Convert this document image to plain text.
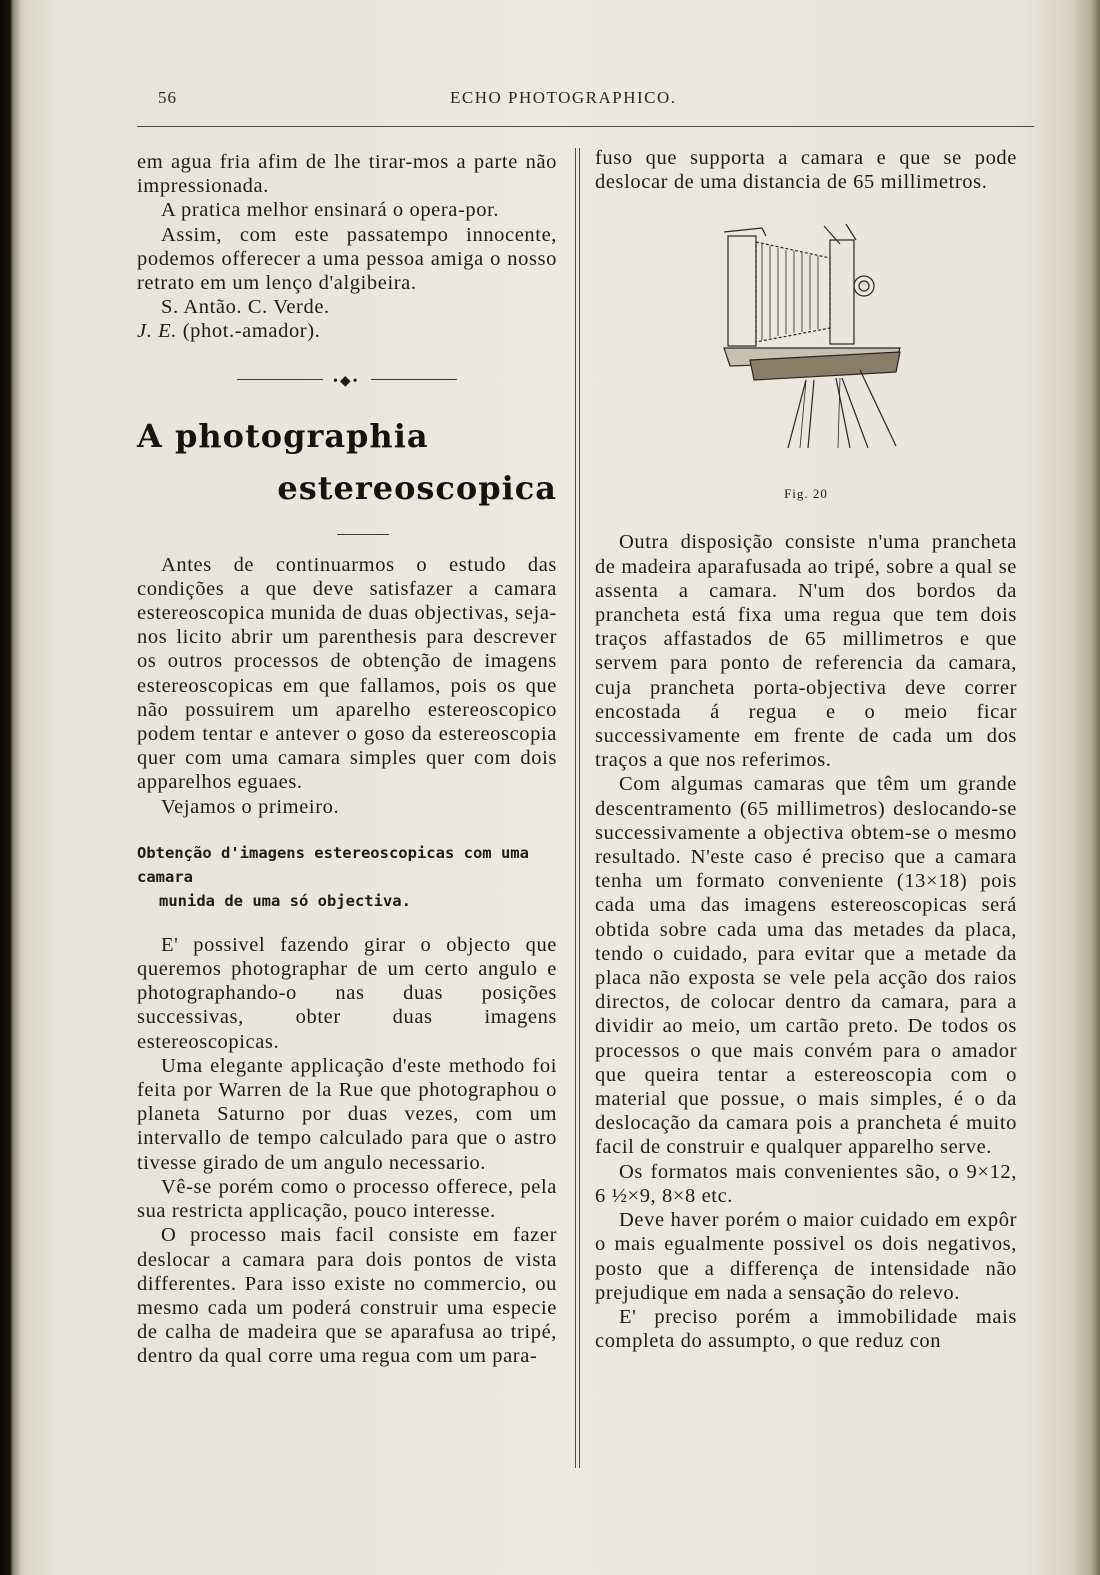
56	ECHO PHOTOGRAPHICO.

em agua fria afim de lhe tirar-mos a parte não impressionada.

A pratica melhor ensinará o opera-por.

Assim, com este passatempo innocente, podemos offerecer a uma pessoa amiga o nosso retrato em um lenço d'algibeira.

S. Antão. C. Verde.

J. E. (phot.-amador).

•◆•
A photographia
estereoscopica

Antes de continuarmos o estudo das condições a que deve satisfazer a camara estereoscopica munida de duas objectivas, seja-nos licito abrir um parenthesis para descrever os outros processos de obtenção de imagens estereoscopicas em que fallamos, pois os que não possuirem um aparelho estereoscopico podem tentar e antever o goso da estereoscopia quer com uma camara simples quer com dois apparelhos eguaes.

Vejamos o primeiro.

Obtenção d'imagens estereoscopicas com uma camara
munida de uma só objectiva.

E' possivel fazendo girar o objecto que queremos photographar de um certo angulo e photographando-o nas duas posições successivas, obter duas imagens estereoscopicas.

Uma elegante applicação d'este methodo foi feita por Warren de la Rue que photographou o planeta Saturno por duas vezes, com um intervallo de tempo calculado para que o astro tivesse girado de um angulo necessario.

Vê-se porém como o processo offerece, pela sua restricta applicação, pouco interesse.

O processo mais facil consiste em fazer deslocar a camara para dois pontos de vista differentes. Para isso existe no commercio, ou mesmo cada um poderá construir uma especie de calha de madeira que se aparafusa ao tripé, dentro da qual corre uma regua com um para-

fuso que supporta a camara e que se pode deslocar de uma distancia de 65 millimetros.

Fig. 20

Outra disposição consiste n'uma prancheta de madeira aparafusada ao tripé, sobre a qual se assenta a camara. N'um dos bordos da prancheta está fixa uma regua que tem dois traços affastados de 65 millimetros e que servem para ponto de referencia da camara, cuja prancheta porta-objectiva deve correr encostada á regua e o meio ficar successivamente em frente de cada um dos traços a que nos referimos.

Com algumas camaras que têm um grande descentramento (65 millimetros) deslocando-se successivamente a objectiva obtem-se o mesmo resultado. N'este caso é preciso que a camara tenha um formato conveniente (13×18) pois cada uma das imagens estereoscopicas será obtida sobre cada uma das metades da placa, tendo o cuidado, para evitar que a metade da placa não exposta se vele pela acção dos raios directos, de colocar dentro da camara, para a dividir ao meio, um cartão preto. De todos os processos o que mais convém para o amador que queira tentar a estereoscopia com o material que possue, o mais simples, é o da deslocação da camara pois a prancheta é muito facil de construir e qualquer apparelho serve.

Os formatos mais convenientes são, o 9×12, 6 ½×9, 8×8 etc.

Deve haver porém o maior cuidado em expôr o mais egualmente possivel os dois negativos, posto que a differença de intensidade não prejudique em nada a sensação do relevo.

E' preciso porém a immobilidade mais completa do assumpto, o que reduz con
